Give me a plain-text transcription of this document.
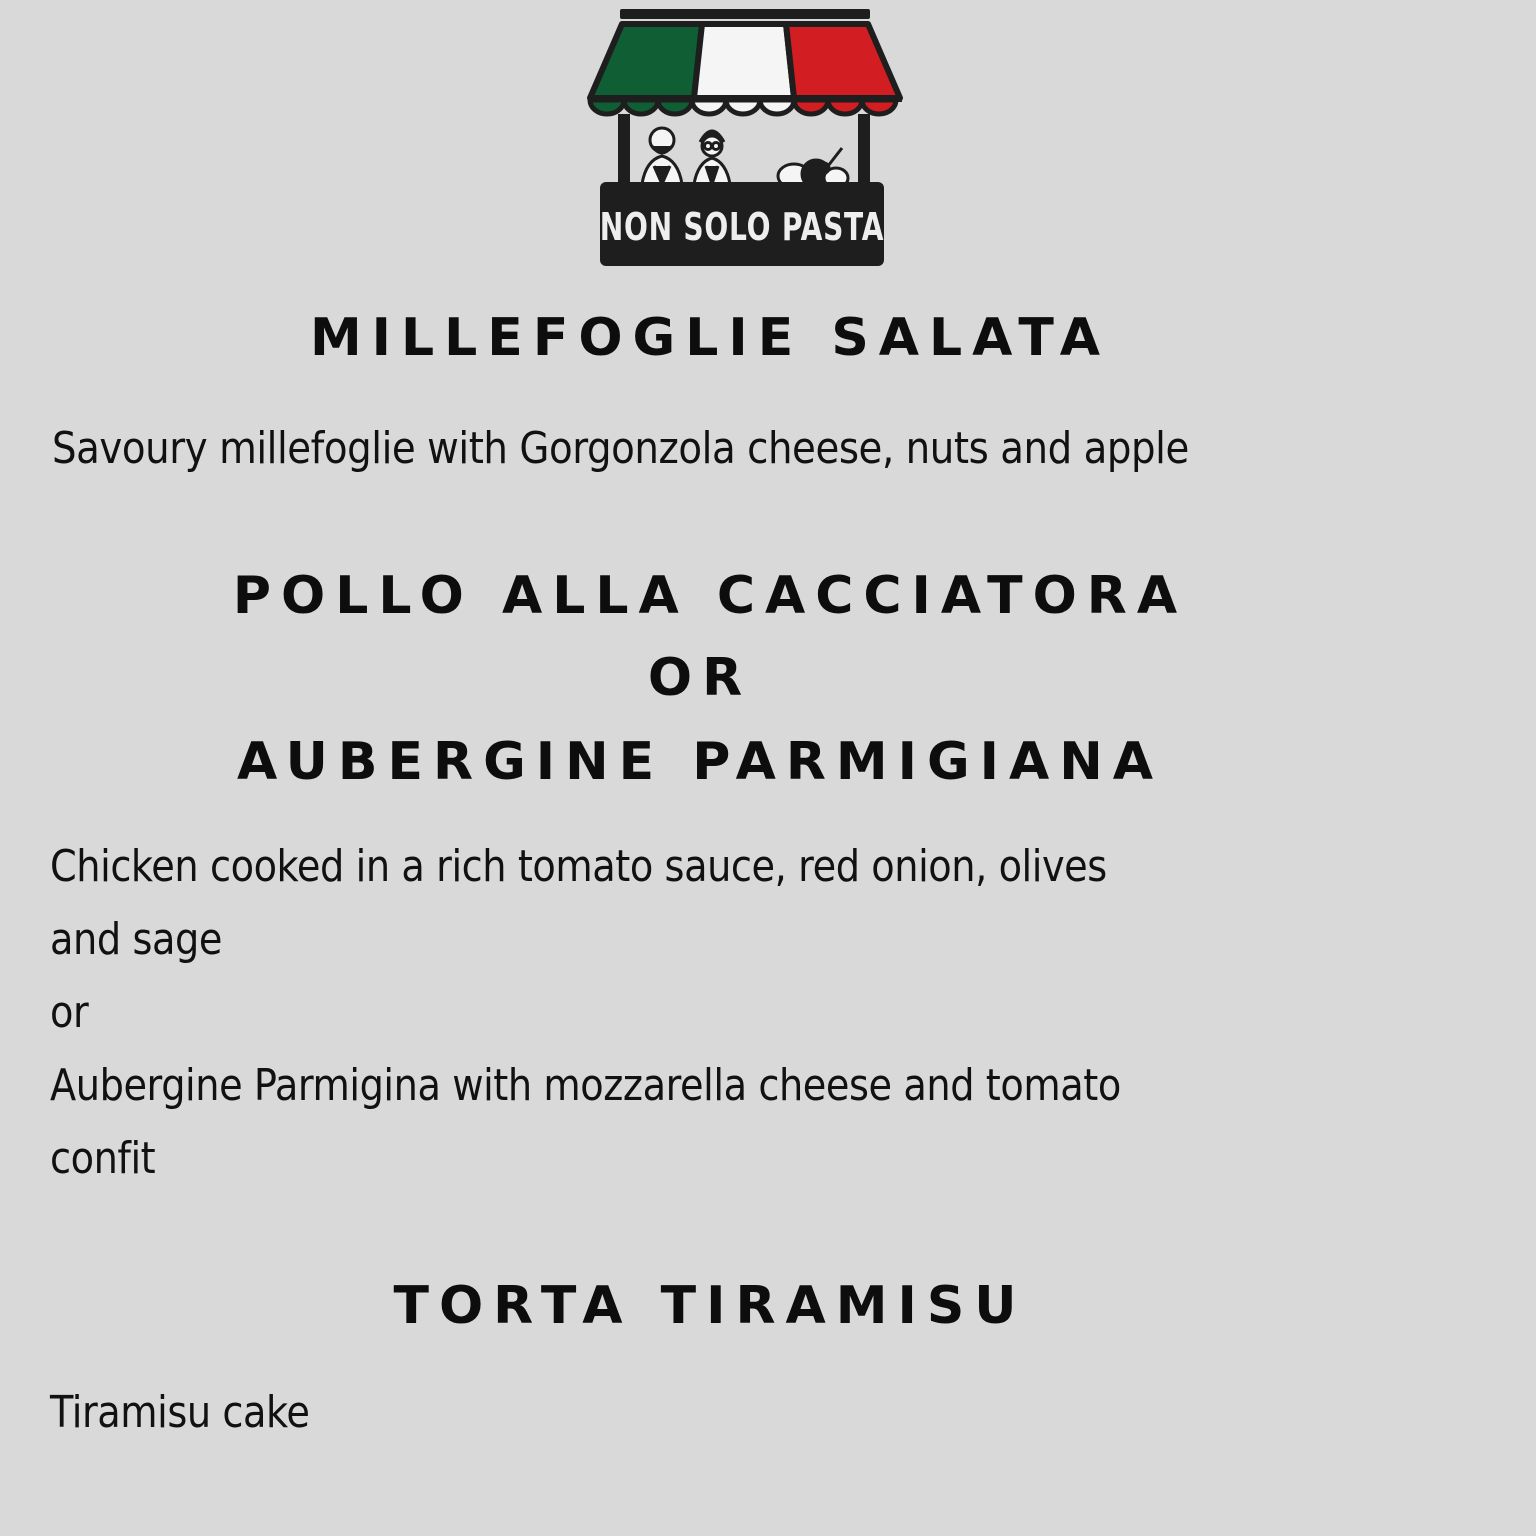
NON SOLO PASTA
MILLEFOGLIE SALATA
Savoury millefoglie with Gorgonzola cheese, nuts and apple
POLLO ALLA CACCIATORA
OR
AUBERGINE PARMIGIANA
Chicken cooked in a rich tomato sauce, red onion, olives
and sage
or
Aubergine Parmigina with mozzarella cheese and tomato
confit
TORTA TIRAMISU
Tiramisu cake
